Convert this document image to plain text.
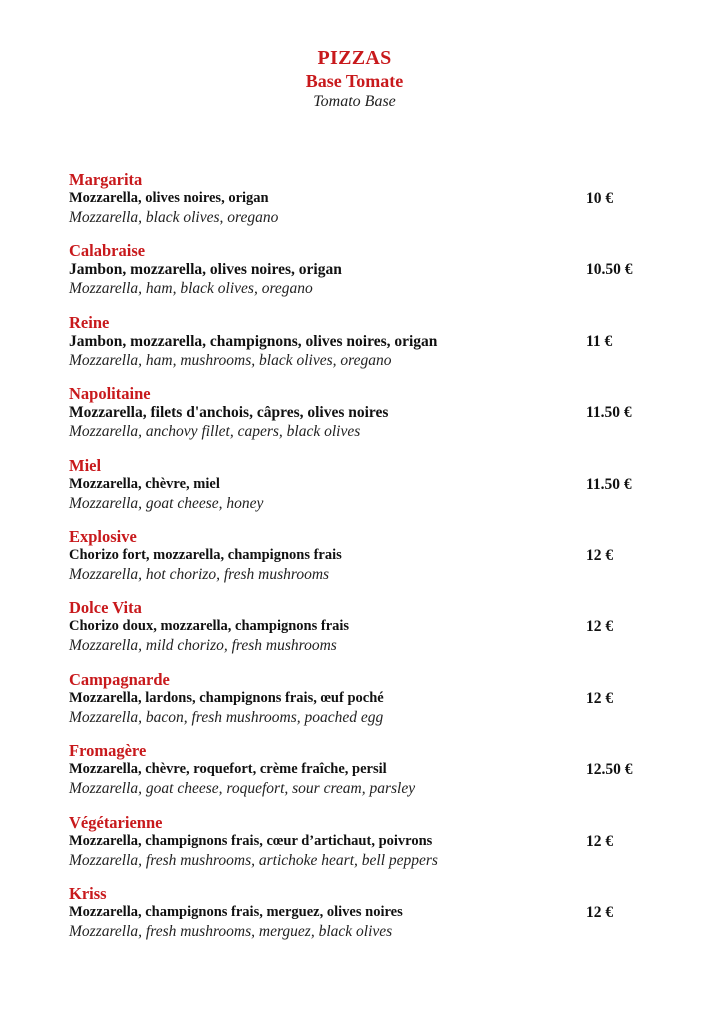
PIZZAS
Base Tomate
Tomato Base
Margarita
Mozzarella, olives noires, origan
Mozzarella, black olives, oregano
10 €
Calabraise
Jambon, mozzarella, olives noires, origan
Mozzarella, ham, black olives, oregano
10.50 €
Reine
Jambon, mozzarella, champignons, olives noires, origan
Mozzarella, ham, mushrooms, black olives, oregano
11 €
Napolitaine
Mozzarella, filets d'anchois, câpres, olives noires
Mozzarella, anchovy fillet, capers, black olives
11.50 €
Miel
Mozzarella, chèvre, miel
Mozzarella, goat cheese, honey
11.50 €
Explosive
Chorizo fort, mozzarella, champignons frais
Mozzarella, hot chorizo, fresh mushrooms
12 €
Dolce Vita
Chorizo doux, mozzarella, champignons frais
Mozzarella, mild chorizo, fresh mushrooms
12 €
Campagnarde
Mozzarella, lardons, champignons frais, œuf poché
Mozzarella, bacon, fresh mushrooms, poached egg
12 €
Fromagère
Mozzarella, chèvre, roquefort, crème fraîche, persil
Mozzarella, goat cheese, roquefort, sour cream, parsley
12.50 €
Végétarienne
Mozzarella, champignons frais, cœur d’artichaut, poivrons
Mozzarella, fresh mushrooms, artichoke heart, bell peppers
12 €
Kriss
Mozzarella, champignons frais, merguez, olives noires
Mozzarella, fresh mushrooms, merguez, black olives
12 €
